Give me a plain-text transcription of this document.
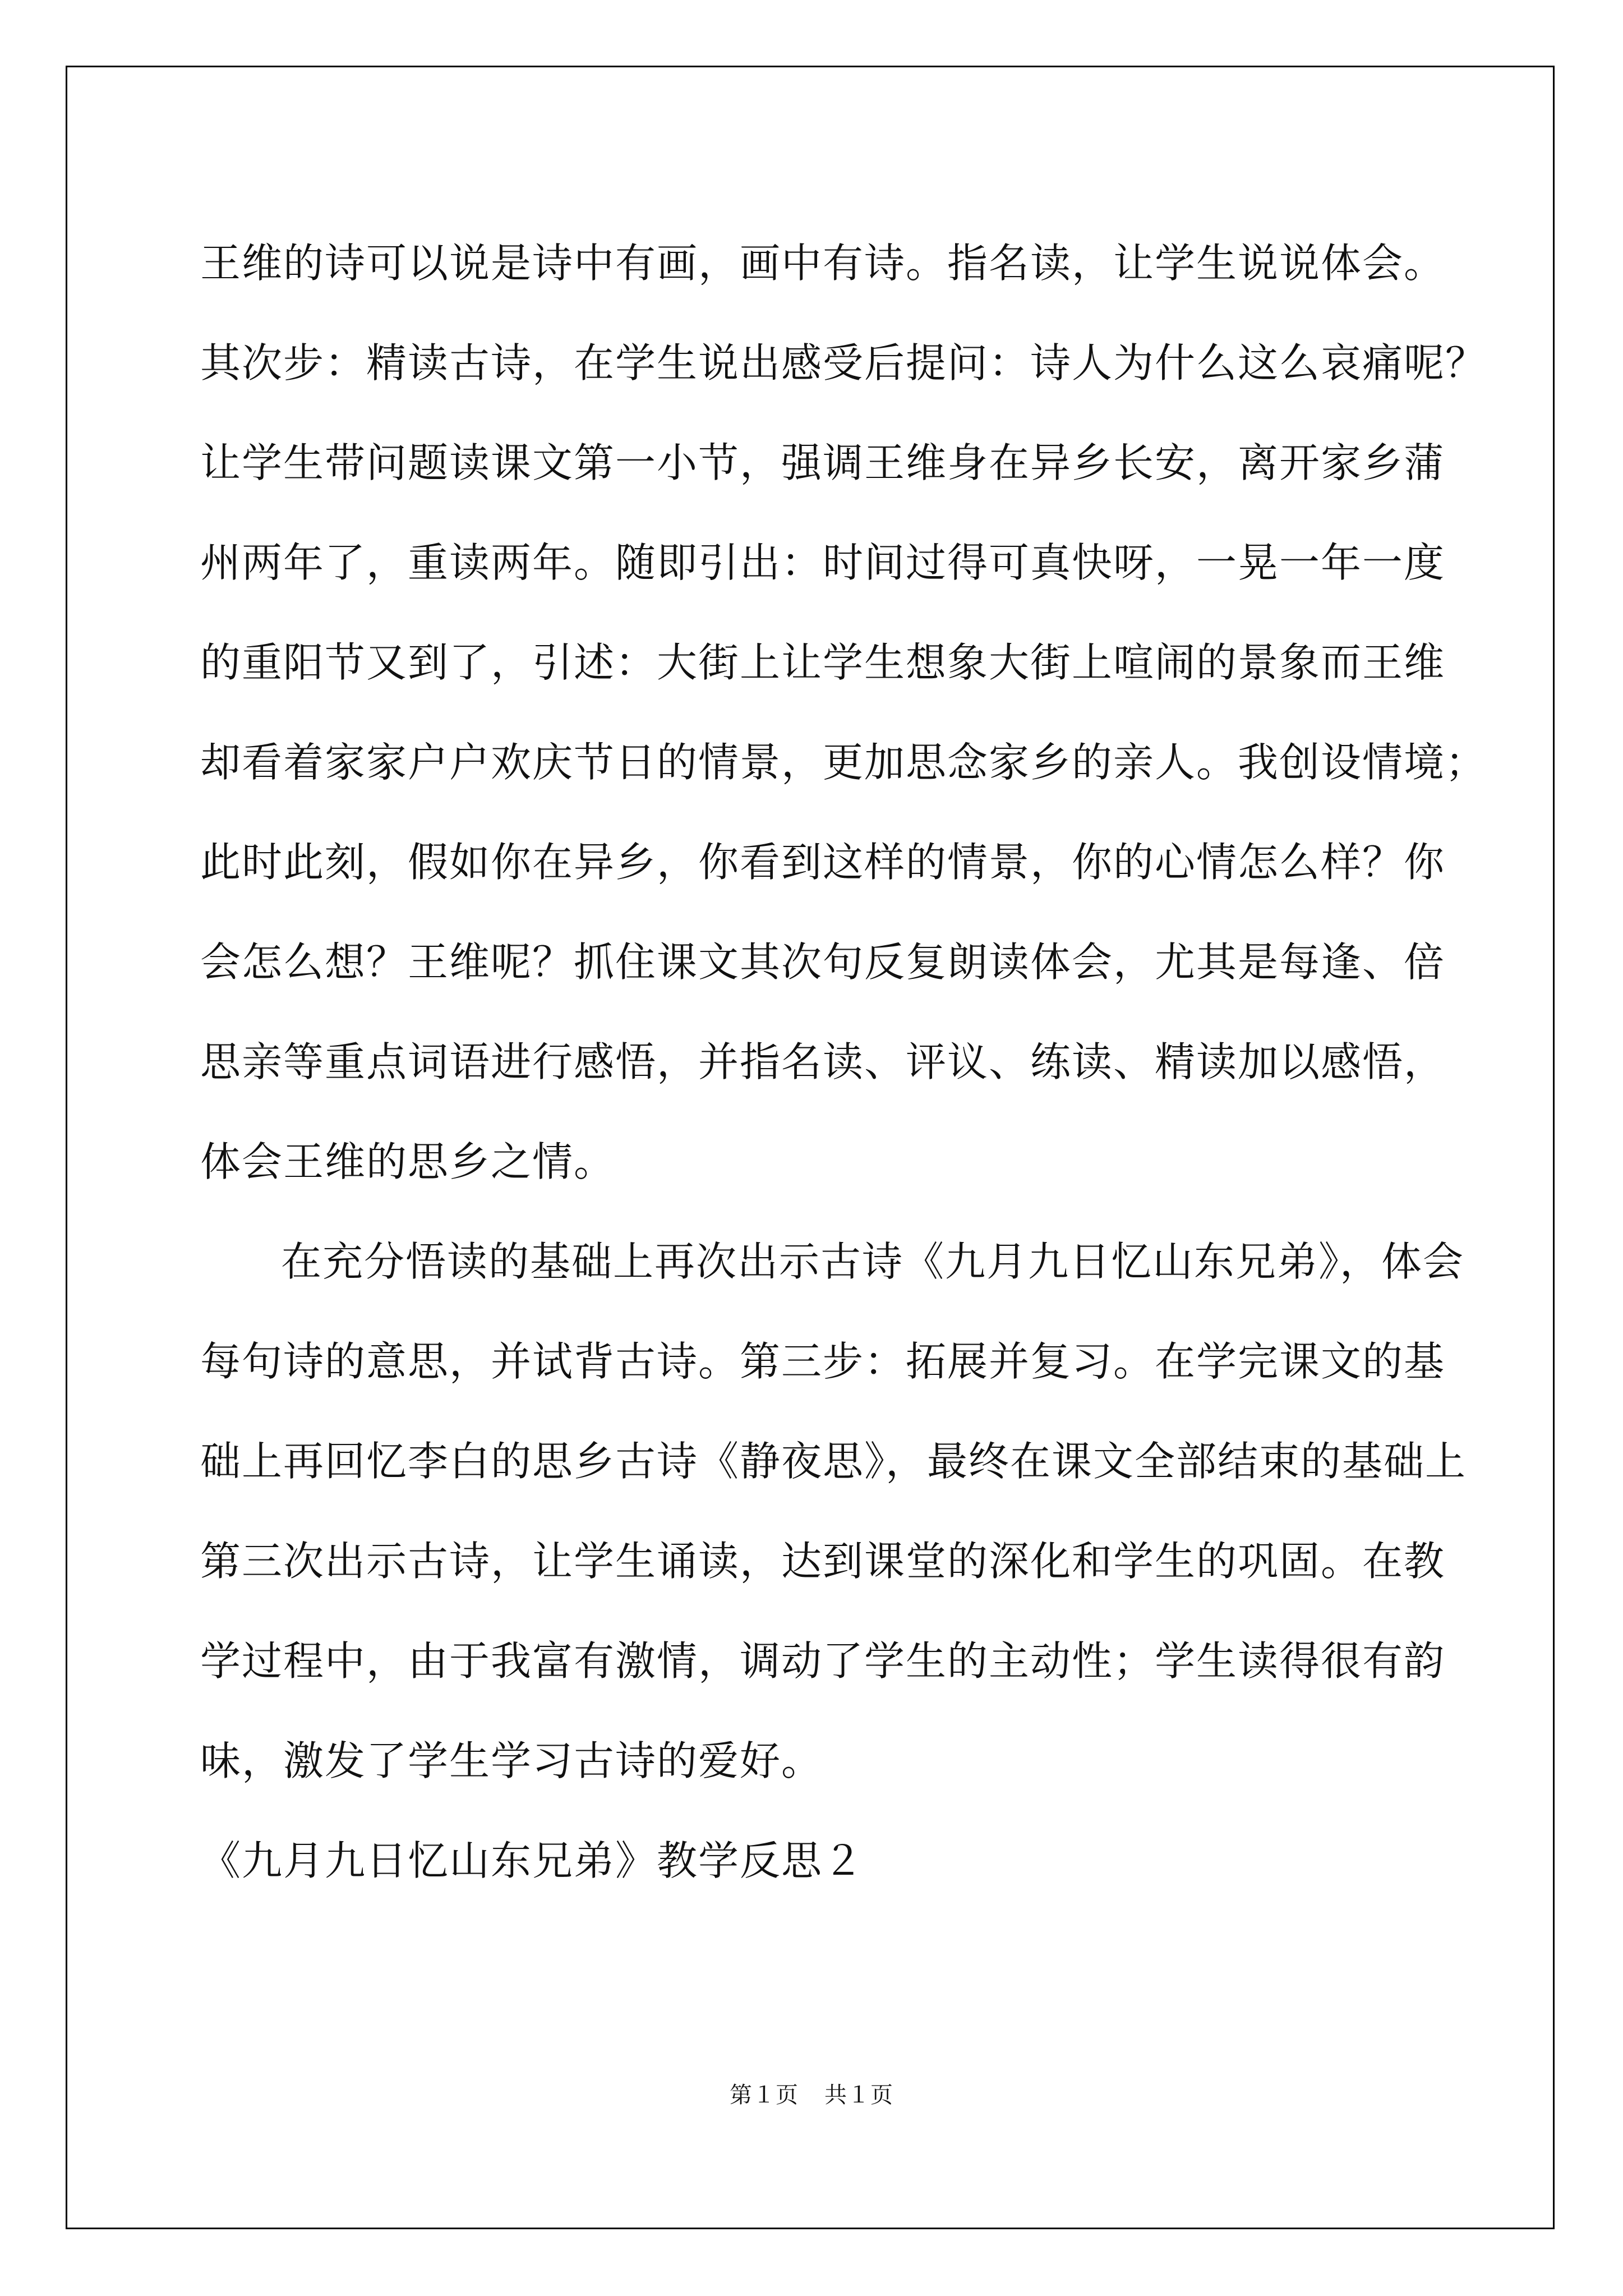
王维的诗可以说是诗中有画，画中有诗。指名读，让学生说说体会。
其次步：精读古诗，在学生说出感受后提问：诗人为什么这么哀痛呢？
让学生带问题读课文第一小节，强调王维身在异乡长安，离开家乡蒲
州两年了，重读两年。随即引出：时间过得可真快呀，一晃一年一度
的重阳节又到了，引述：大街上让学生想象大街上喧闹的景象而王维
却看着家家户户欢庆节日的情景，更加思念家乡的亲人。我创设情境；
此时此刻，假如你在异乡，你看到这样的情景，你的心情怎么样？你
会怎么想？王维呢？抓住课文其次句反复朗读体会，尤其是每逢、倍
思亲等重点词语进行感悟，并指名读、评议、练读、精读加以感悟，
体会王维的思乡之情。
在充分悟读的基础上再次出示古诗《九月九日忆山东兄弟》，体会
每句诗的意思，并试背古诗。第三步：拓展并复习。在学完课文的基
础上再回忆李白的思乡古诗《静夜思》，最终在课文全部结束的基础上
第三次出示古诗，让学生诵读，达到课堂的深化和学生的巩固。在教
学过程中，由于我富有激情，调动了学生的主动性；学生读得很有韵
味，激发了学生学习古诗的爱好。
《九月九日忆山东兄弟》教学反思２
第１页 共１页
